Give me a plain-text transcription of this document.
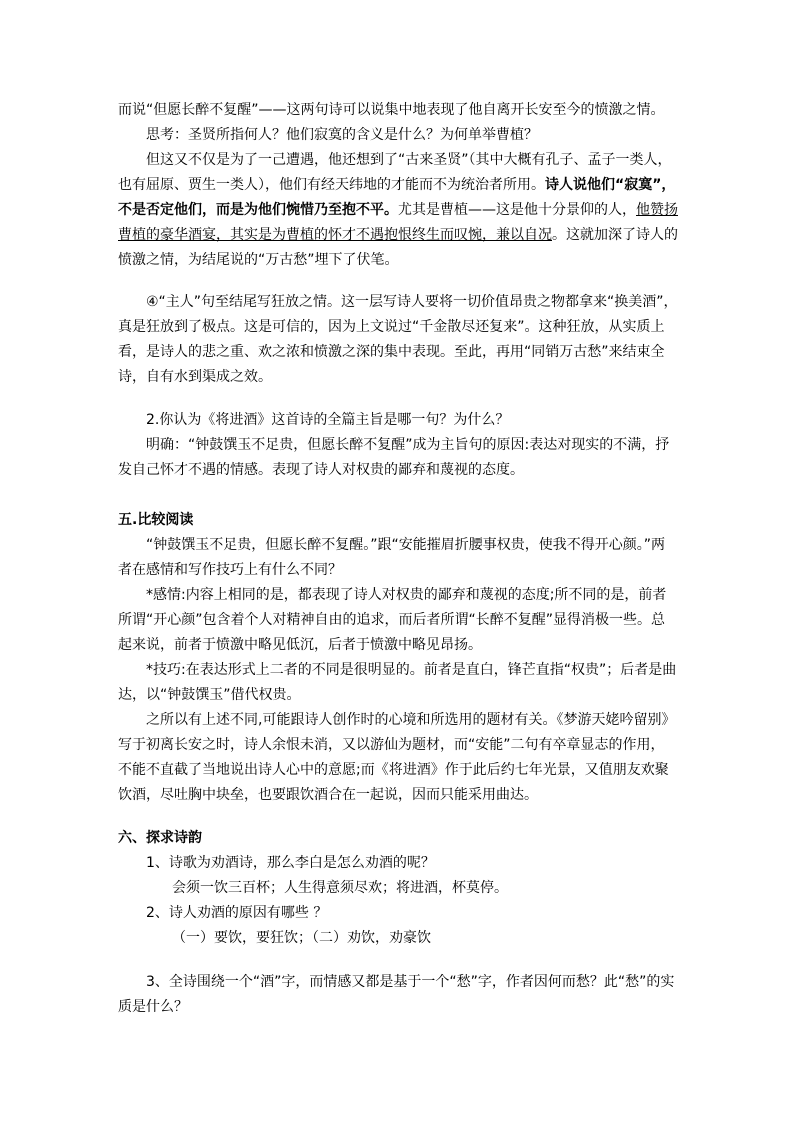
而说“但愿长醉不复醒”——这两句诗可以说集中地表现了他自离开长安至今的愤激之情。

思考：圣贤所指何人？他们寂寞的含义是什么？为何单举曹植？

但这又不仅是为了一己遭遇，他还想到了“古来圣贤”（其中大概有孔子、孟子一类人，也有屈原、贾生一类人），他们有经天纬地的才能而不为统治者所用。诗人说他们“寂寞”，不是否定他们，而是为他们惋惜乃至抱不平。尤其是曹植——这是他十分景仰的人，他赞扬曹植的豪华酒宴，其实是为曹植的怀才不遇抱恨终生而叹惋，兼以自况。这就加深了诗人的愤激之情，为结尾说的“万古愁”埋下了伏笔。

④“主人”句至结尾写狂放之情。这一层写诗人要将一切价值昂贵之物都拿来“换美酒”，真是狂放到了极点。这是可信的，因为上文说过“千金散尽还复来”。这种狂放，从实质上看，是诗人的悲之重、欢之浓和愤激之深的集中表现。至此，再用“同销万古愁”来结束全诗，自有水到渠成之效。

2.你认为《将进酒》这首诗的全篇主旨是哪一句？为什么？

明确：“钟鼓馔玉不足贵，但愿长醉不复醒”成为主旨句的原因:表达对现实的不满，抒发自己怀才不遇的情感。表现了诗人对权贵的鄙弃和蔑视的态度。

五.比较阅读

“钟鼓馔玉不足贵，但愿长醉不复醒。”跟“安能摧眉折腰事权贵，使我不得开心颜。”两者在感情和写作技巧上有什么不同？

*感情:内容上相同的是，都表现了诗人对权贵的鄙弃和蔑视的态度;所不同的是，前者所谓“开心颜”包含着个人对精神自由的追求，而后者所谓“长醉不复醒”显得消极一些。总起来说，前者于愤激中略见低沉，后者于愤激中略见昂扬。

*技巧:在表达形式上二者的不同是很明显的。前者是直白，锋芒直指“权贵”；后者是曲达，以“钟鼓馔玉”借代权贵。

之所以有上述不同,可能跟诗人创作时的心境和所选用的题材有关。《梦游天姥吟留别》写于初离长安之时，诗人余恨未消，又以游仙为题材，而“安能”二句有卒章显志的作用，不能不直截了当地说出诗人心中的意愿;而《将进酒》作于此后约七年光景，又值朋友欢聚饮酒，尽吐胸中块垒，也要跟饮酒合在一起说，因而只能采用曲达。

六、探求诗韵

1、诗歌为劝酒诗，那么李白是怎么劝酒的呢？

会须一饮三百杯；人生得意须尽欢；将进酒，杯莫停。

2、诗人劝酒的原因有哪些 ？

（一）要饮，要狂饮；（二）劝饮，劝豪饮

3、全诗围绕一个“酒”字，而情感又都是基于一个“愁”字，作者因何而愁？此“愁”的实质是什么？
